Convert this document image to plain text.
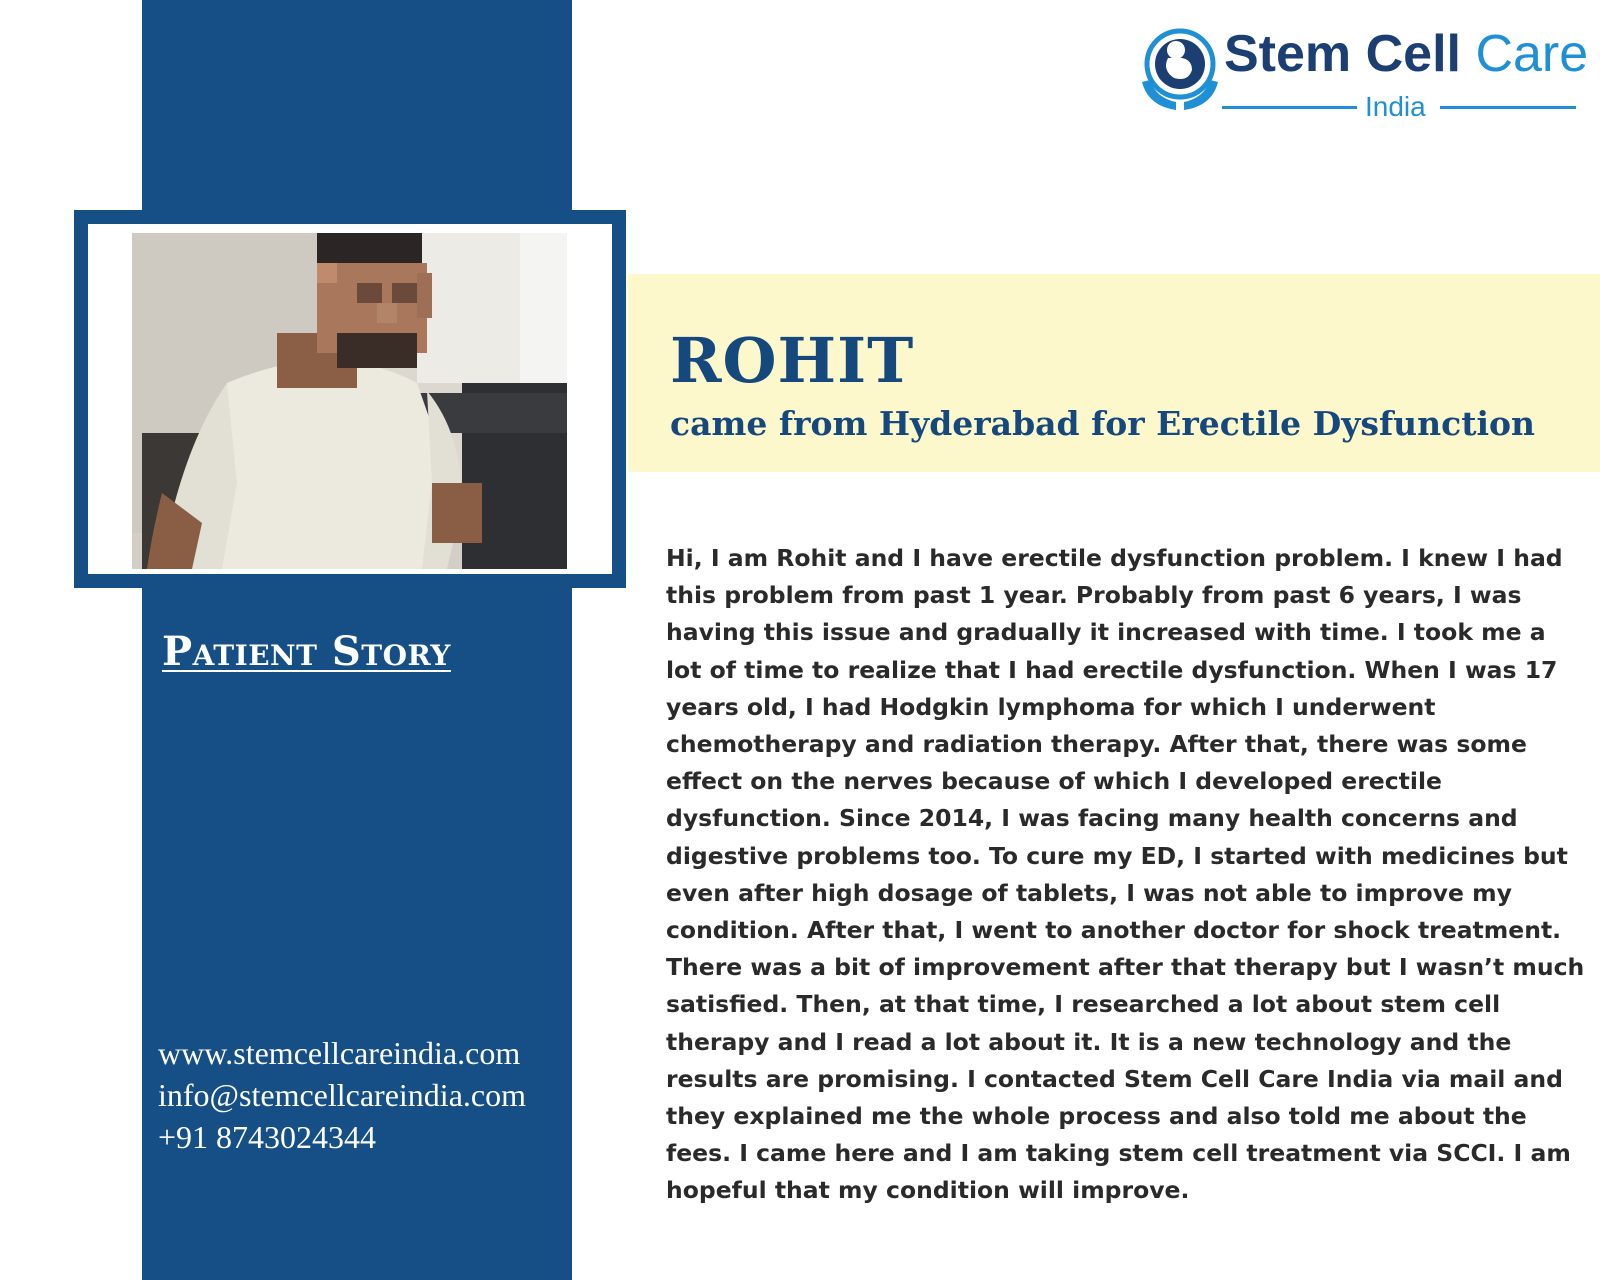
Patient Story
www.stemcellcareindia.com
info@stemcellcareindia.com
+91 8743024344
Stem Cell Care
India
ROHIT
came from Hyderabad for Erectile Dysfunction

Hi, I am Rohit and I have erectile dysfunction problem. I knew I had this problem from past 1 year. Probably from past 6 years, I was having this issue and gradually it increased with time. I took me a lot of time to realize that I had erectile dysfunction. When I was 17 years old, I had Hodgkin lymphoma for which I underwent chemotherapy and radiation therapy. After that, there was some effect on the nerves because of which I developed erectile dysfunction. Since 2014, I was facing many health concerns and digestive problems too. To cure my ED, I started with medicines but even after high dosage of tablets, I was not able to improve my condition. After that, I went to another doctor for shock treatment. There was a bit of improvement after that therapy but I wasn’t much satisfied. Then, at that time, I researched a lot about stem cell therapy and I read a lot about it. It is a new technology and the results are promising. I contacted Stem Cell Care India via mail and they explained me the whole process and also told me about the fees. I came here and I am taking stem cell treatment via SCCI. I am hopeful that my condition will improve.
